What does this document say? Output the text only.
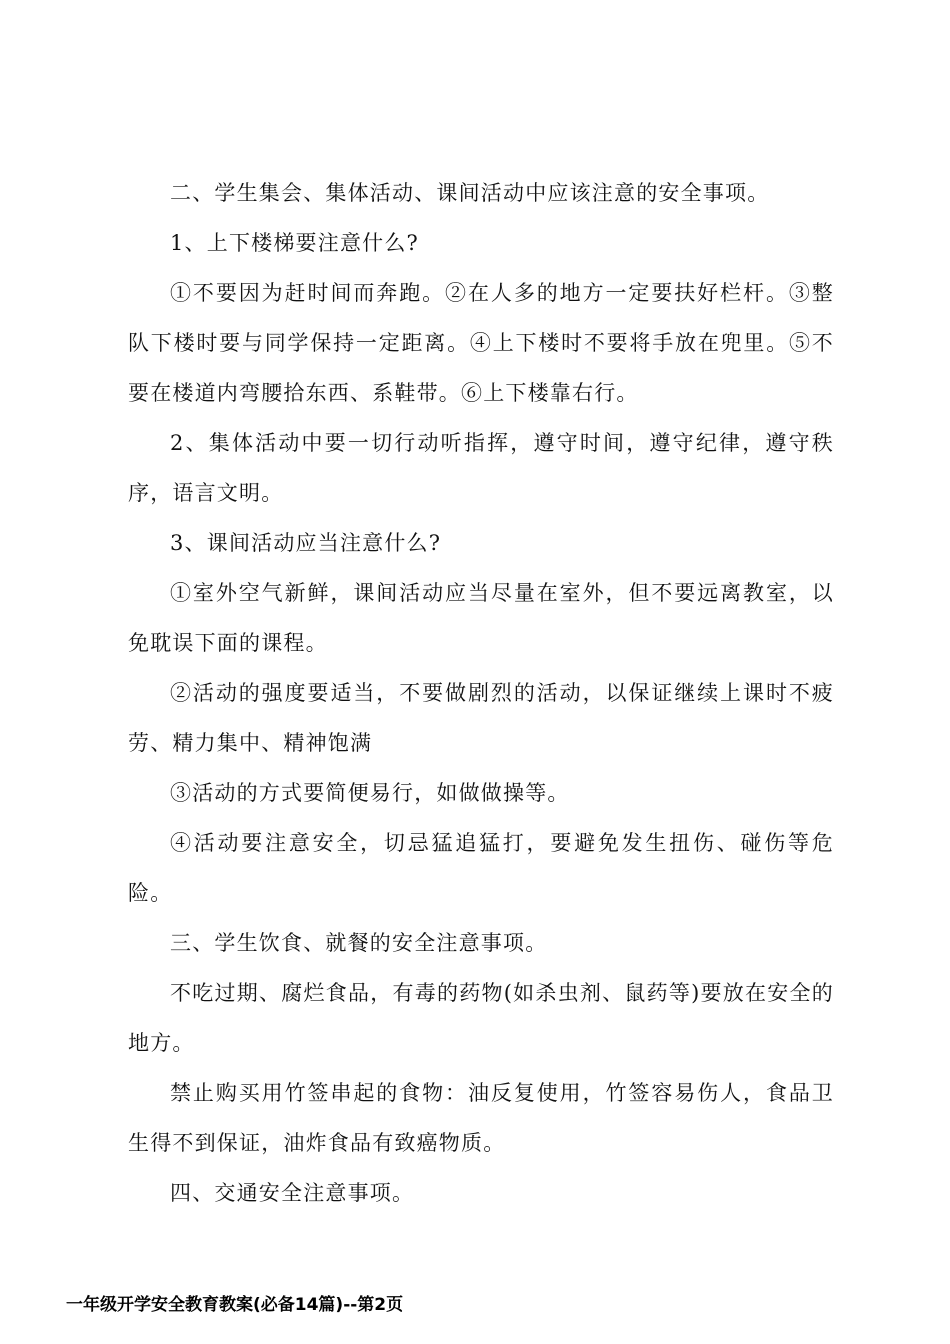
二、学生集会、集体活动、课间活动中应该注意的安全事项。

1、上下楼梯要注意什么?

①不要因为赶时间而奔跑。②在人多的地方一定要扶好栏杆。③整队下楼时要与同学保持一定距离。④上下楼时不要将手放在兜里。⑤不要在楼道内弯腰拾东西、系鞋带。⑥上下楼靠右行。

2、集体活动中要一切行动听指挥，遵守时间，遵守纪律，遵守秩序，语言文明。

3、课间活动应当注意什么?

①室外空气新鲜，课间活动应当尽量在室外，但不要远离教室，以免耽误下面的课程。

②活动的强度要适当，不要做剧烈的活动，以保证继续上课时不疲劳、精力集中、精神饱满

③活动的方式要简便易行，如做做操等。

④活动要注意安全，切忌猛追猛打，要避免发生扭伤、碰伤等危险。

三、学生饮食、就餐的安全注意事项。

不吃过期、腐烂食品，有毒的药物(如杀虫剂、鼠药等)要放在安全的地方。

禁止购买用竹签串起的食物：油反复使用，竹签容易伤人，食品卫生得不到保证，油炸食品有致癌物质。

四、交通安全注意事项。

一年级开学安全教育教案(必备14篇)--第2页
